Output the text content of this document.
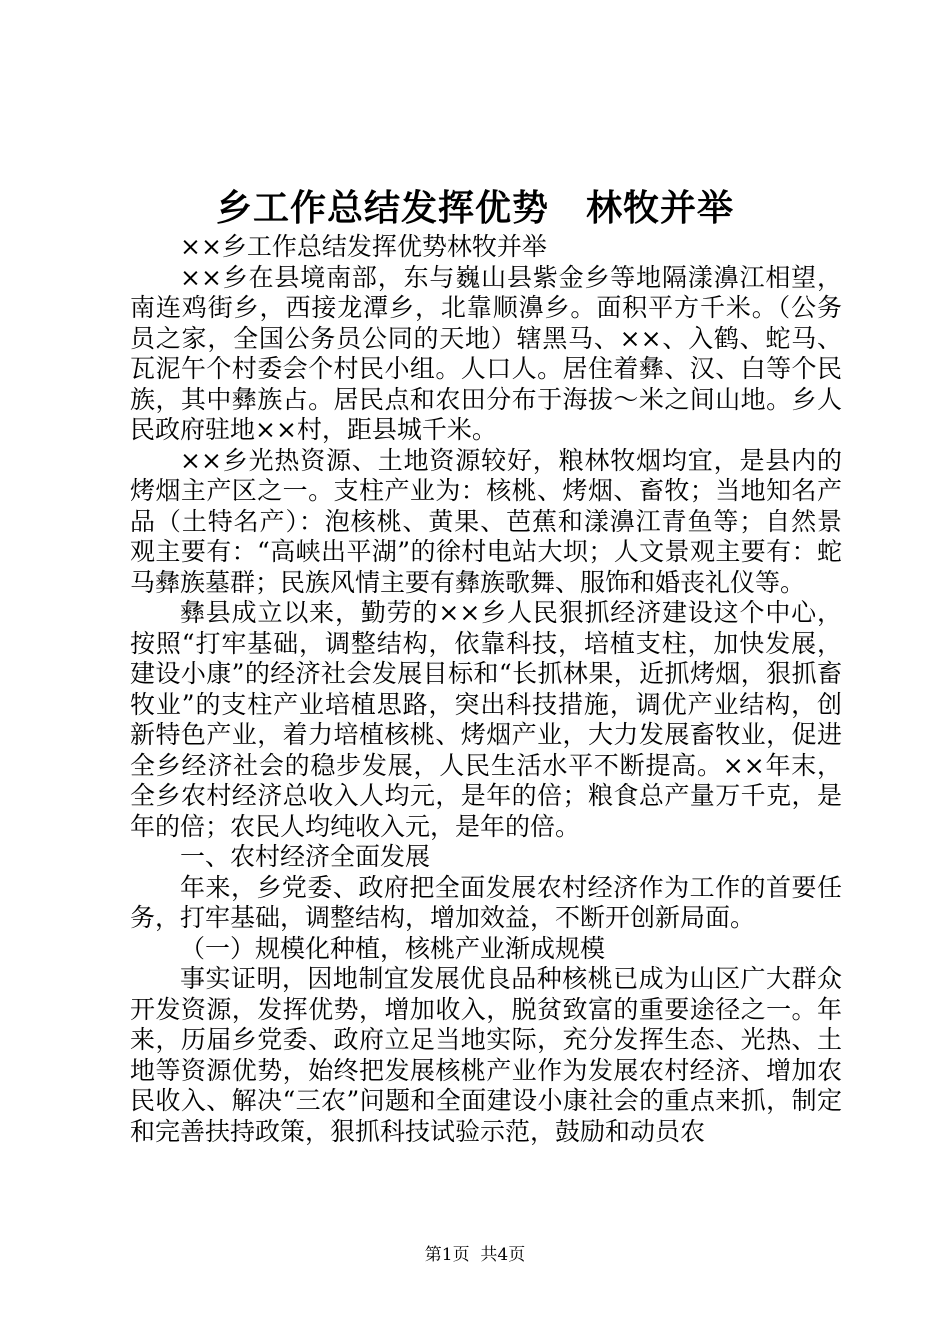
乡工作总结发挥优势　林牧并举

××乡工作总结发挥优势林牧并举

××乡在县境南部，东与巍山县紫金乡等地隔漾濞江相望，南连鸡街乡，西接龙潭乡，北靠顺濞乡。面积平方千米。（公务员之家，全国公务员公同的天地）辖黑马、××、入鹤、蛇马、瓦泥午个村委会个村民小组。人口人。居住着彝、汉、白等个民族，其中彝族占。居民点和农田分布于海拔～米之间山地。乡人民政府驻地××村，距县城千米。

××乡光热资源、土地资源较好，粮林牧烟均宜，是县内的烤烟主产区之一。支柱产业为：核桃、烤烟、畜牧；当地知名产品（土特名产）：泡核桃、黄果、芭蕉和漾濞江青鱼等；自然景观主要有：“高峡出平湖”的徐村电站大坝；人文景观主要有：蛇马彝族墓群；民族风情主要有彝族歌舞、服饰和婚丧礼仪等。

彝县成立以来，勤劳的××乡人民狠抓经济建设这个中心，按照“打牢基础，调整结构，依靠科技，培植支柱，加快发展，建设小康”的经济社会发展目标和“长抓林果，近抓烤烟，狠抓畜牧业”的支柱产业培植思路，突出科技措施，调优产业结构，创新特色产业，着力培植核桃、烤烟产业，大力发展畜牧业，促进全乡经济社会的稳步发展，人民生活水平不断提高。××年末，全乡农村经济总收入人均元，是年的倍；粮食总产量万千克，是年的倍；农民人均纯收入元，是年的倍。

一、农村经济全面发展

年来，乡党委、政府把全面发展农村经济作为工作的首要任务，打牢基础，调整结构，增加效益，不断开创新局面。

（一）规模化种植，核桃产业渐成规模

事实证明，因地制宜发展优良品种核桃已成为山区广大群众开发资源，发挥优势，增加收入，脱贫致富的重要途径之一。年来，历届乡党委、政府立足当地实际，充分发挥生态、光热、土地等资源优势，始终把发展核桃产业作为发展农村经济、增加农民收入、解决“三农”问题和全面建设小康社会的重点来抓，制定和完善扶持政策，狠抓科技试验示范，鼓励和动员农

第1页  共4页
